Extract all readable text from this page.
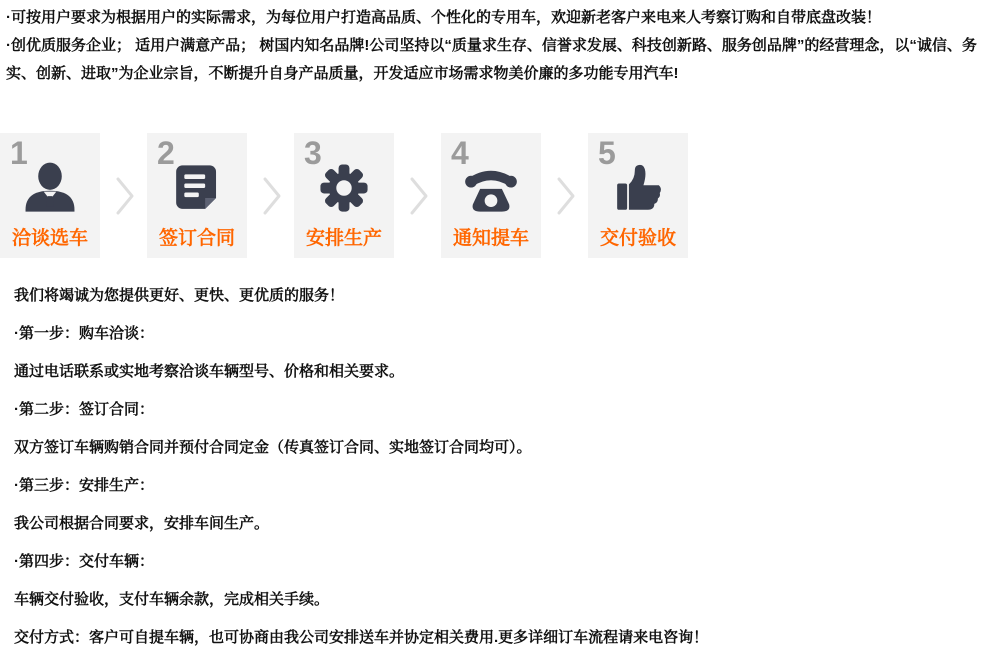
·可按用户要求为根据用户的实际需求，为每位用户打造高品质、个性化的专用车，欢迎新老客户来电来人考察订购和自带底盘改装！

·创优质服务企业； 适用户满意产品； 树国内知名品牌!公司坚持以“质量求生存、信誉求发展、科技创新路、服务创品牌”的经营理念，以“诚信、务实、创新、进取”为企业宗旨，不断提升自身产品质量，开发适应市场需求物美价廉的多功能专用汽车!

1
洽谈选车
2
签订合同
3
安排生产
4
通知提车
5
交付验收

我们将竭诚为您提供更好、更快、更优质的服务！

·第一步：购车洽谈：

通过电话联系或实地考察洽谈车辆型号、价格和相关要求。

·第二步：签订合同：

双方签订车辆购销合同并预付合同定金（传真签订合同、实地签订合同均可）。

·第三步：安排生产：

我公司根据合同要求，安排车间生产。

·第四步：交付车辆：

车辆交付验收，支付车辆余款，完成相关手续。

交付方式：客户可自提车辆，也可协商由我公司安排送车并协定相关费用.更多详细订车流程请来电咨询！
